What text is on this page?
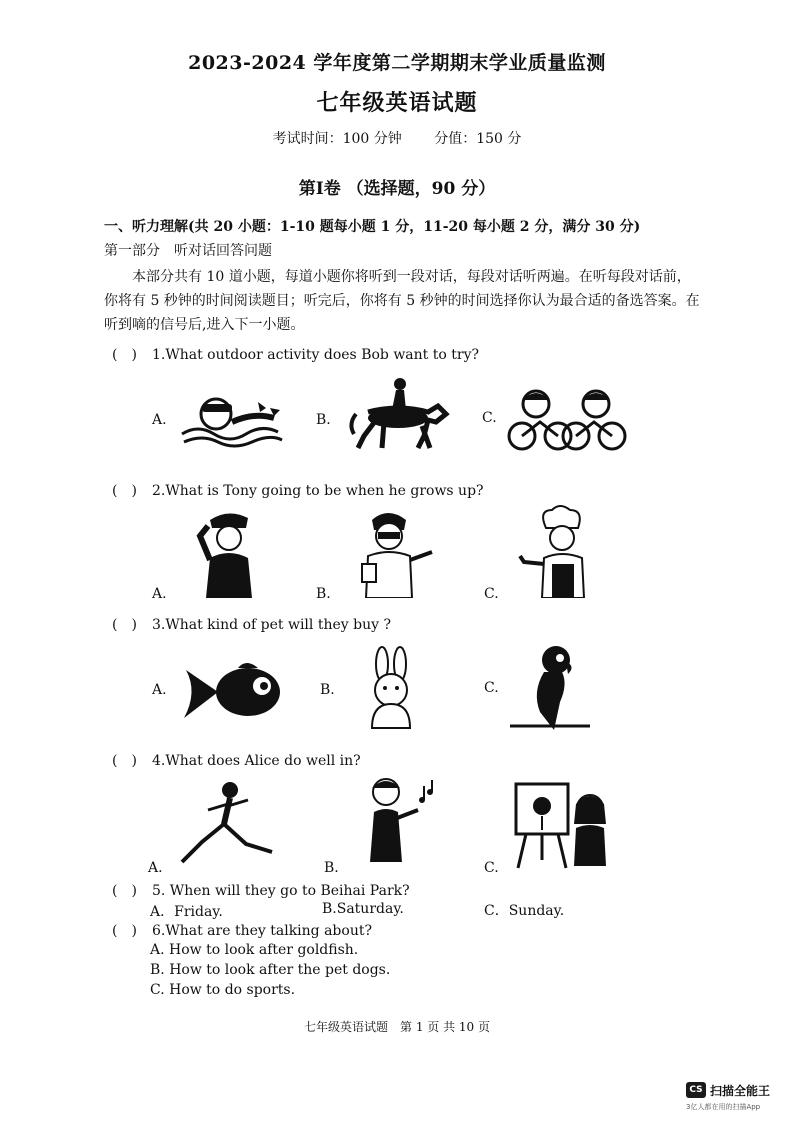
2023-2024 学年度第二学期期末学业质量监测
七年级英语试题
考试时间：100 分钟 分值：150 分
第I卷 （选择题，90 分）
一、听力理解(共 20 小题：1-10 题每小题 1 分，11-20 每小题 2 分，满分 30 分)
第一部分　听对话回答问题
本部分共有 10 道小题，每道小题你将听到一段对话，每段对话听两遍。在听每段对话前，你将有 5 秒钟的时间阅读题目；听完后，你将有 5 秒钟的时间选择你认为最合适的备选答案。在听到嘀的信号后,进入下一小题。
(　) 1.What outdoor activity does Bob want to try?
A.	B.	C.
(　) 2.What is Tony going to be when he grows up?
A.	B.	C.
(　) 3.What kind of pet will they buy ?
A.	B.	C.
(　) 4.What does Alice do well in?
A.	B.	C.
(　) 5. When will they go to Beihai Park?
A．Friday.	B.Saturday.	C．Sunday.
(　) 6.What are they talking about?
A. How to look after goldfish.
B. How to look after the pet dogs.
C. How to do sports.
七年级英语试题　第 1 页 共 10 页
CS 扫描全能王
3亿人都在用的扫描App
